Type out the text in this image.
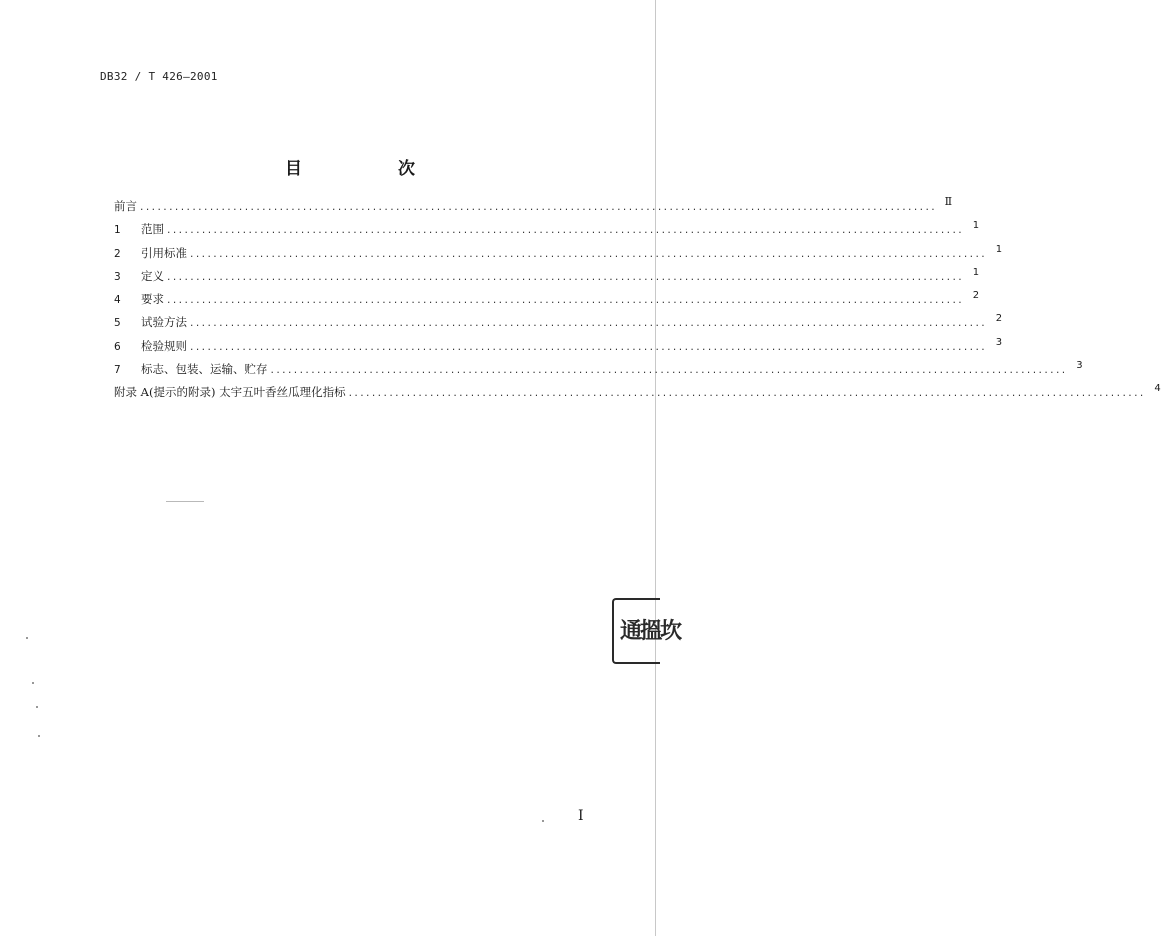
DB32 / T 426—2001
目	次
前言 ......................................................................................................................................... Ⅱ
1	范围 ......................................................................................................................................... 1
2	引用标准 ......................................................................................................................................... 1
3	定义 ......................................................................................................................................... 1
4	要求 ......................................................................................................................................... 2
5	试验方法 ......................................................................................................................................... 2
6	检验规则 ......................................................................................................................................... 3
7	标志、包装、运输、贮存 ......................................................................................................................................... 3
附录 A(提示的附录) 太宇五叶香丝瓜理化指标 ......................................................................................................................................... 4
通搵坎
I
